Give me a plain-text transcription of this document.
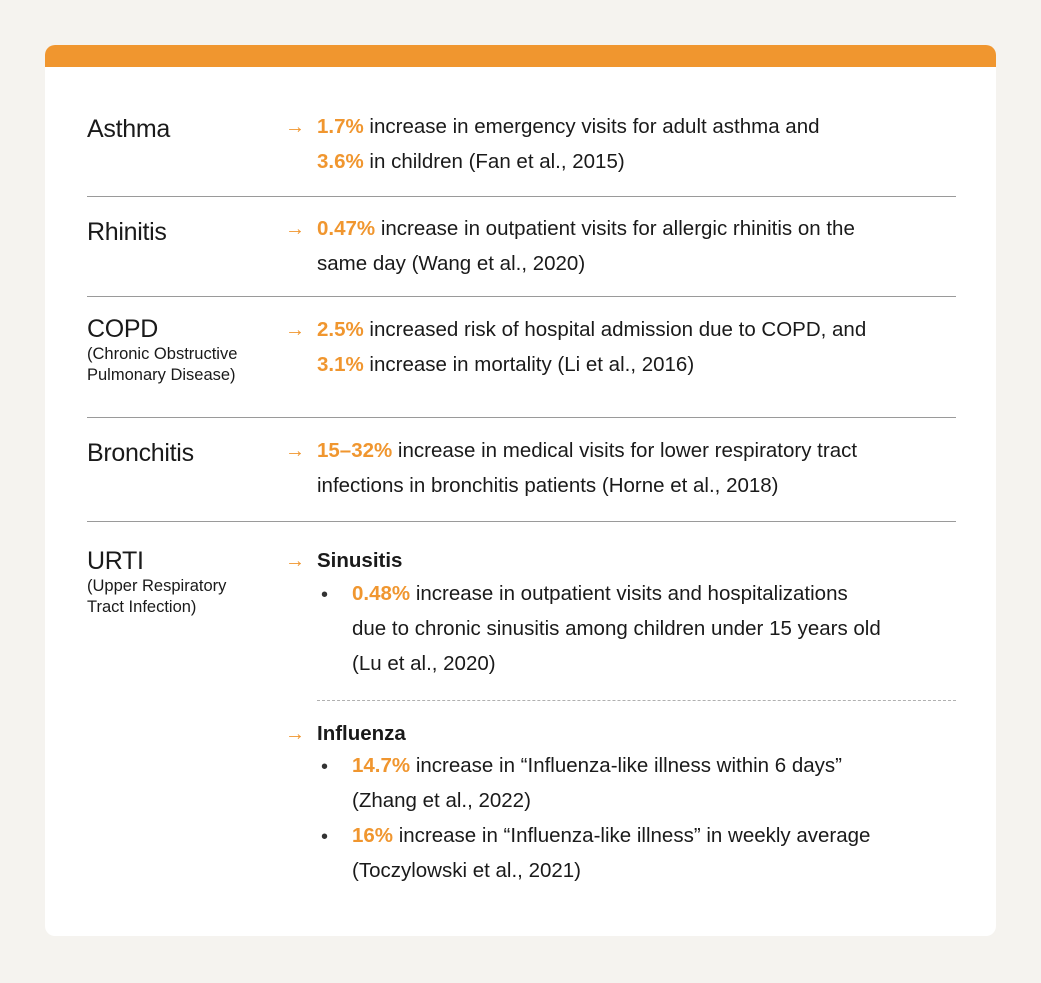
Asthma	→ 1.7% increase in emergency visits for adult asthma and
3.6% in children (Fan et al., 2015)
Rhinitis	→ 0.47% increase in outpatient visits for allergic rhinitis on the
same day (Wang et al., 2020)
COPD
(Chronic Obstructive
Pulmonary Disease)
→ 2.5% increased risk of hospital admission due to COPD, and
3.1% increase in mortality (Li et al., 2016)
Bronchitis	→ 15–32% increase in medical visits for lower respiratory tract
infections in bronchitis patients (Horne et al., 2018)
URTI
(Upper Respiratory
Tract Infection)
→ Sinusitis
• 0.48% increase in outpatient visits and hospitalizations
due to chronic sinusitis among children under 15 years old
(Lu et al., 2020)
→ Influenza
• 14.7% increase in “Influenza-like illness within 6 days”
(Zhang et al., 2022)
• 16% increase in “Influenza-like illness” in weekly average
(Toczylowski et al., 2021)
